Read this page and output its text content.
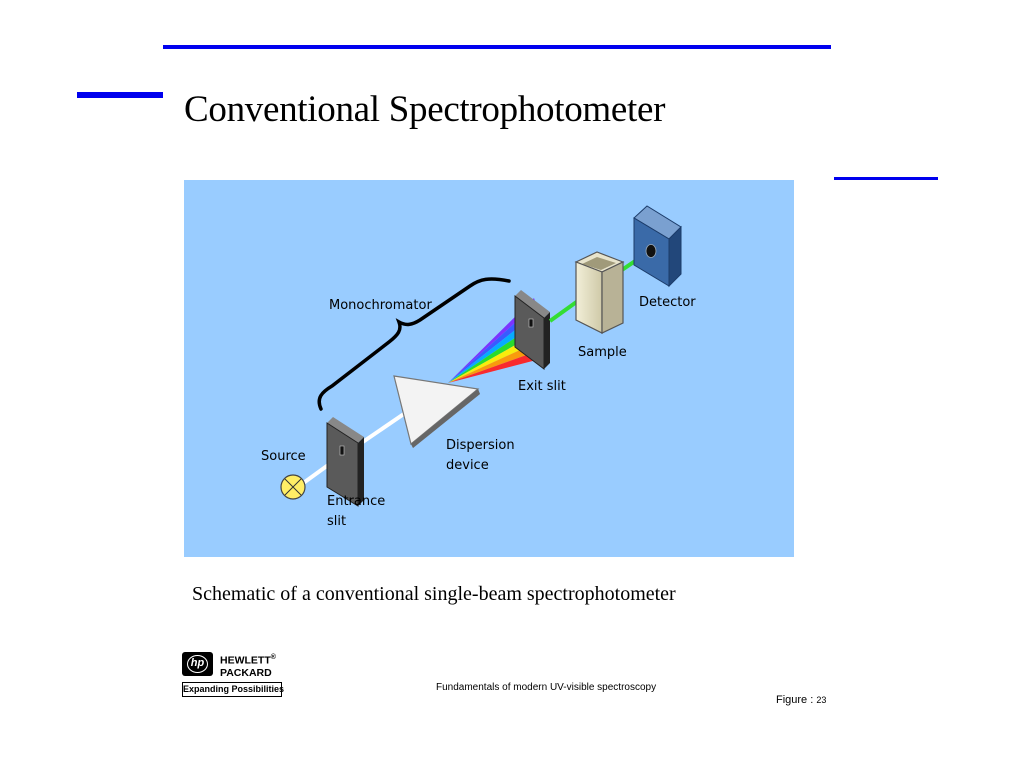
Conventional Spectrophotometer
Monochromator	Detector
Sample
Exit slit
Dispersion
device
Source
Entrance
slit
Schematic of a conventional single-beam spectrophotometer
hp	HEWLETT®
PACKARD
Expanding Possibilities	Fundamentals of modern UV-visible spectroscopy
Figure : 23
